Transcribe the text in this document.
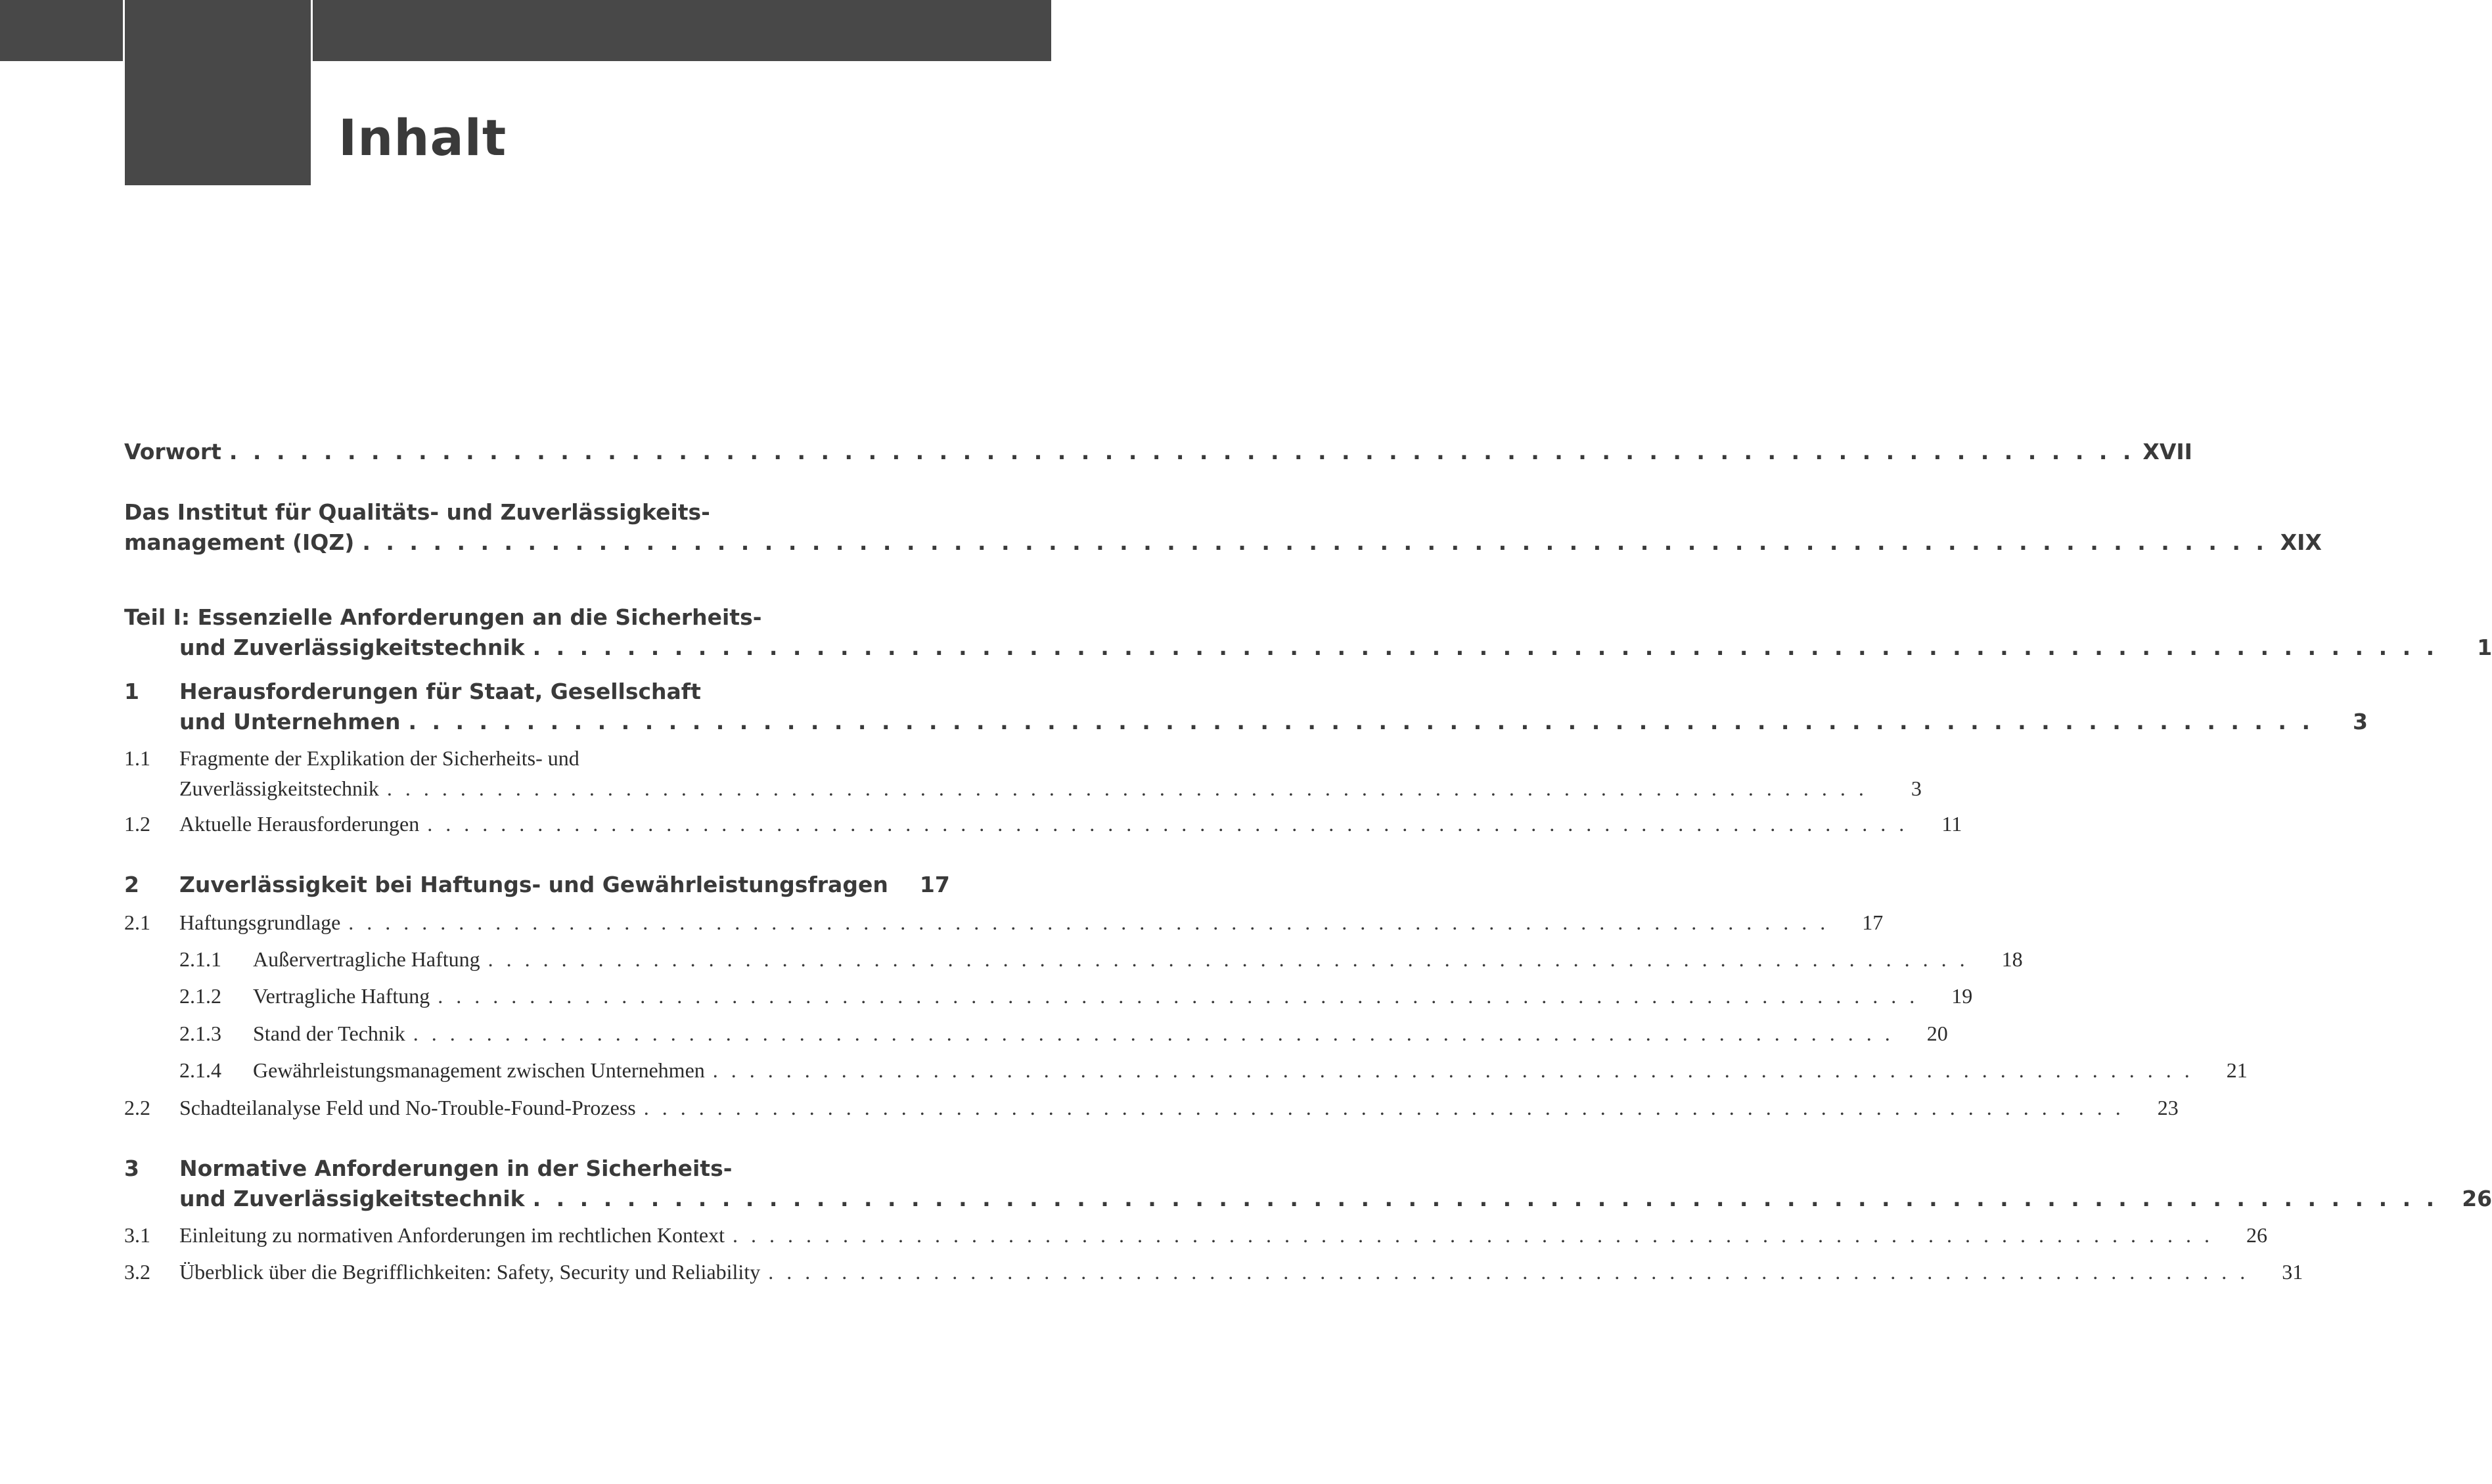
Inhalt
Vorwort . . . . . . . . . . . . . . . . . . . . . . . . . . . . . . . . . . . . . . . . . . . . . . . . . . . . . . . . . . . . . . . . . . . . . . . . . . . . . . . . . XVII
Das Institut für Qualitäts- und Zuverlässigkeits-
management (IQZ) . . . . . . . . . . . . . . . . . . . . . . . . . . . . . . . . . . . . . . . . . . . . . . . . . . . . . . . . . . . . . . . . . . . . . . . . . . . . . . . . . XIX
Teil I: Essenzielle Anforderungen an die Sicherheits-
und Zuverlässigkeitstechnik . . . . . . . . . . . . . . . . . . . . . . . . . . . . . . . . . . . . . . . . . . . . . . . . . . . . . . . . . . . . . . . . . . . . . . . . . . . . . . . . .	1
1	Herausforderungen für Staat, Gesellschaft
und Unternehmen . . . . . . . . . . . . . . . . . . . . . . . . . . . . . . . . . . . . . . . . . . . . . . . . . . . . . . . . . . . . . . . . . . . . . . . . . . . . . . . . .	3
1.1	Fragmente der Explikation der Sicherheits- und
Zuverlässigkeitstechnik . . . . . . . . . . . . . . . . . . . . . . . . . . . . . . . . . . . . . . . . . . . . . . . . . . . . . . . . . . . . . . . . . . . . . . . . . . . . . . . . .	3
1.2	Aktuelle Herausforderungen . . . . . . . . . . . . . . . . . . . . . . . . . . . . . . . . . . . . . . . . . . . . . . . . . . . . . . . . . . . . . . . . . . . . . . . . . . . . . . . . .	11
2	Zuverlässigkeit bei Haftungs- und Gewährleistungsfragen	17
2.1	Haftungsgrundlage . . . . . . . . . . . . . . . . . . . . . . . . . . . . . . . . . . . . . . . . . . . . . . . . . . . . . . . . . . . . . . . . . . . . . . . . . . . . . . . . .	17
2.1.1	Außervertragliche Haftung . . . . . . . . . . . . . . . . . . . . . . . . . . . . . . . . . . . . . . . . . . . . . . . . . . . . . . . . . . . . . . . . . . . . . . . . . . . . . . . . .	18
2.1.2	Vertragliche Haftung . . . . . . . . . . . . . . . . . . . . . . . . . . . . . . . . . . . . . . . . . . . . . . . . . . . . . . . . . . . . . . . . . . . . . . . . . . . . . . . . .	19
2.1.3	Stand der Technik . . . . . . . . . . . . . . . . . . . . . . . . . . . . . . . . . . . . . . . . . . . . . . . . . . . . . . . . . . . . . . . . . . . . . . . . . . . . . . . . .	20
2.1.4	Gewährleistungsmanagement zwischen Unternehmen . . . . . . . . . . . . . . . . . . . . . . . . . . . . . . . . . . . . . . . . . . . . . . . . . . . . . . . . . . . . . . . . . . . . . . . . . . . . . . . . .	21
2.2	Schadteilanalyse Feld und No-Trouble-Found-Prozess . . . . . . . . . . . . . . . . . . . . . . . . . . . . . . . . . . . . . . . . . . . . . . . . . . . . . . . . . . . . . . . . . . . . . . . . . . . . . . . . .	23
3	Normative Anforderungen in der Sicherheits-
und Zuverlässigkeitstechnik . . . . . . . . . . . . . . . . . . . . . . . . . . . . . . . . . . . . . . . . . . . . . . . . . . . . . . . . . . . . . . . . . . . . . . . . . . . . . . . . .	26
3.1	Einleitung zu normativen Anforderungen im rechtlichen Kontext . . . . . . . . . . . . . . . . . . . . . . . . . . . . . . . . . . . . . . . . . . . . . . . . . . . . . . . . . . . . . . . . . . . . . . . . . . . . . . . . .	26
3.2	Überblick über die Begrifflichkeiten: Safety, Security und Reliability . . . . . . . . . . . . . . . . . . . . . . . . . . . . . . . . . . . . . . . . . . . . . . . . . . . . . . . . . . . . . . . . . . . . . . . . . . . . . . . . .	31
